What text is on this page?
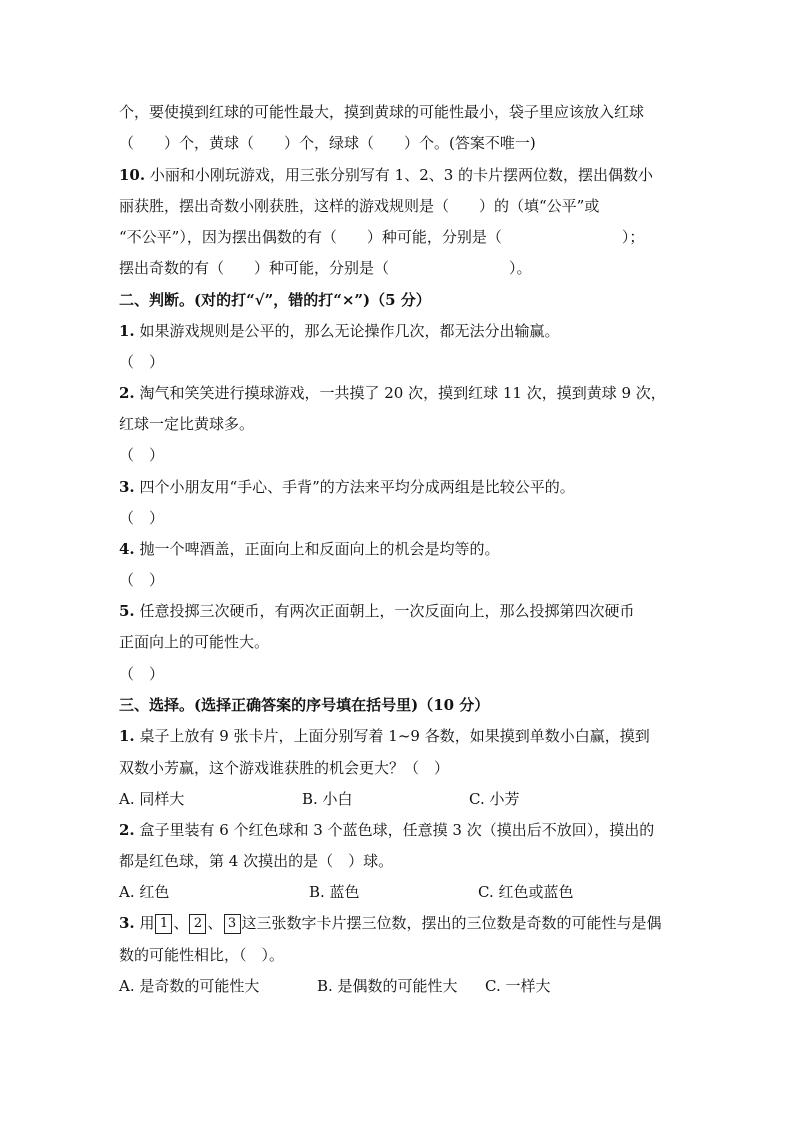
个，要使摸到红球的可能性最大，摸到黄球的可能性最小，袋子里应该放入红球
（　　）个，黄球（　　）个，绿球（　　）个。(答案不唯一)
10. 小丽和小刚玩游戏，用三张分别写有 1、2、3 的卡片摆两位数，摆出偶数小
丽获胜，摆出奇数小刚获胜，这样的游戏规则是（　　）的（填“公平”或
“不公平”），因为摆出偶数的有（　　）种可能，分别是（　　　　　　　　）；
摆出奇数的有（　　）种可能，分别是（　　　　　　　　）。
二、判断。(对的打“√”，错的打“×”)（5 分）
1. 如果游戏规则是公平的，那么无论操作几次，都无法分出输赢。
（　）
2. 淘气和笑笑进行摸球游戏，一共摸了 20 次，摸到红球 11 次，摸到黄球 9 次，
红球一定比黄球多。
（　）
3. 四个小朋友用“手心、手背”的方法来平均分成两组是比较公平的。
（　）
4. 抛一个啤酒盖，正面向上和反面向上的机会是均等的。
（　）
5. 任意投掷三次硬币，有两次正面朝上，一次反面向上，那么投掷第四次硬币
正面向上的可能性大。
（　）
三、选择。(选择正确答案的序号填在括号里)（10 分）
1. 桌子上放有 9 张卡片，上面分别写着 1~9 各数，如果摸到单数小白赢，摸到
双数小芳赢，这个游戏谁获胜的机会更大？（　）
A. 同样大	B. 小白	C. 小芳
2. 盒子里装有 6 个红色球和 3 个蓝色球，任意摸 3 次（摸出后不放回），摸出的
都是红色球，第 4 次摸出的是（　）球。
A. 红色	B. 蓝色	C. 红色或蓝色
3. 用 1 、 2 、 3 这三张数字卡片摆三位数，摆出的三位数是奇数的可能性与是偶
数的可能性相比，（　）。
A. 是奇数的可能性大	B. 是偶数的可能性大 C. 一样大
